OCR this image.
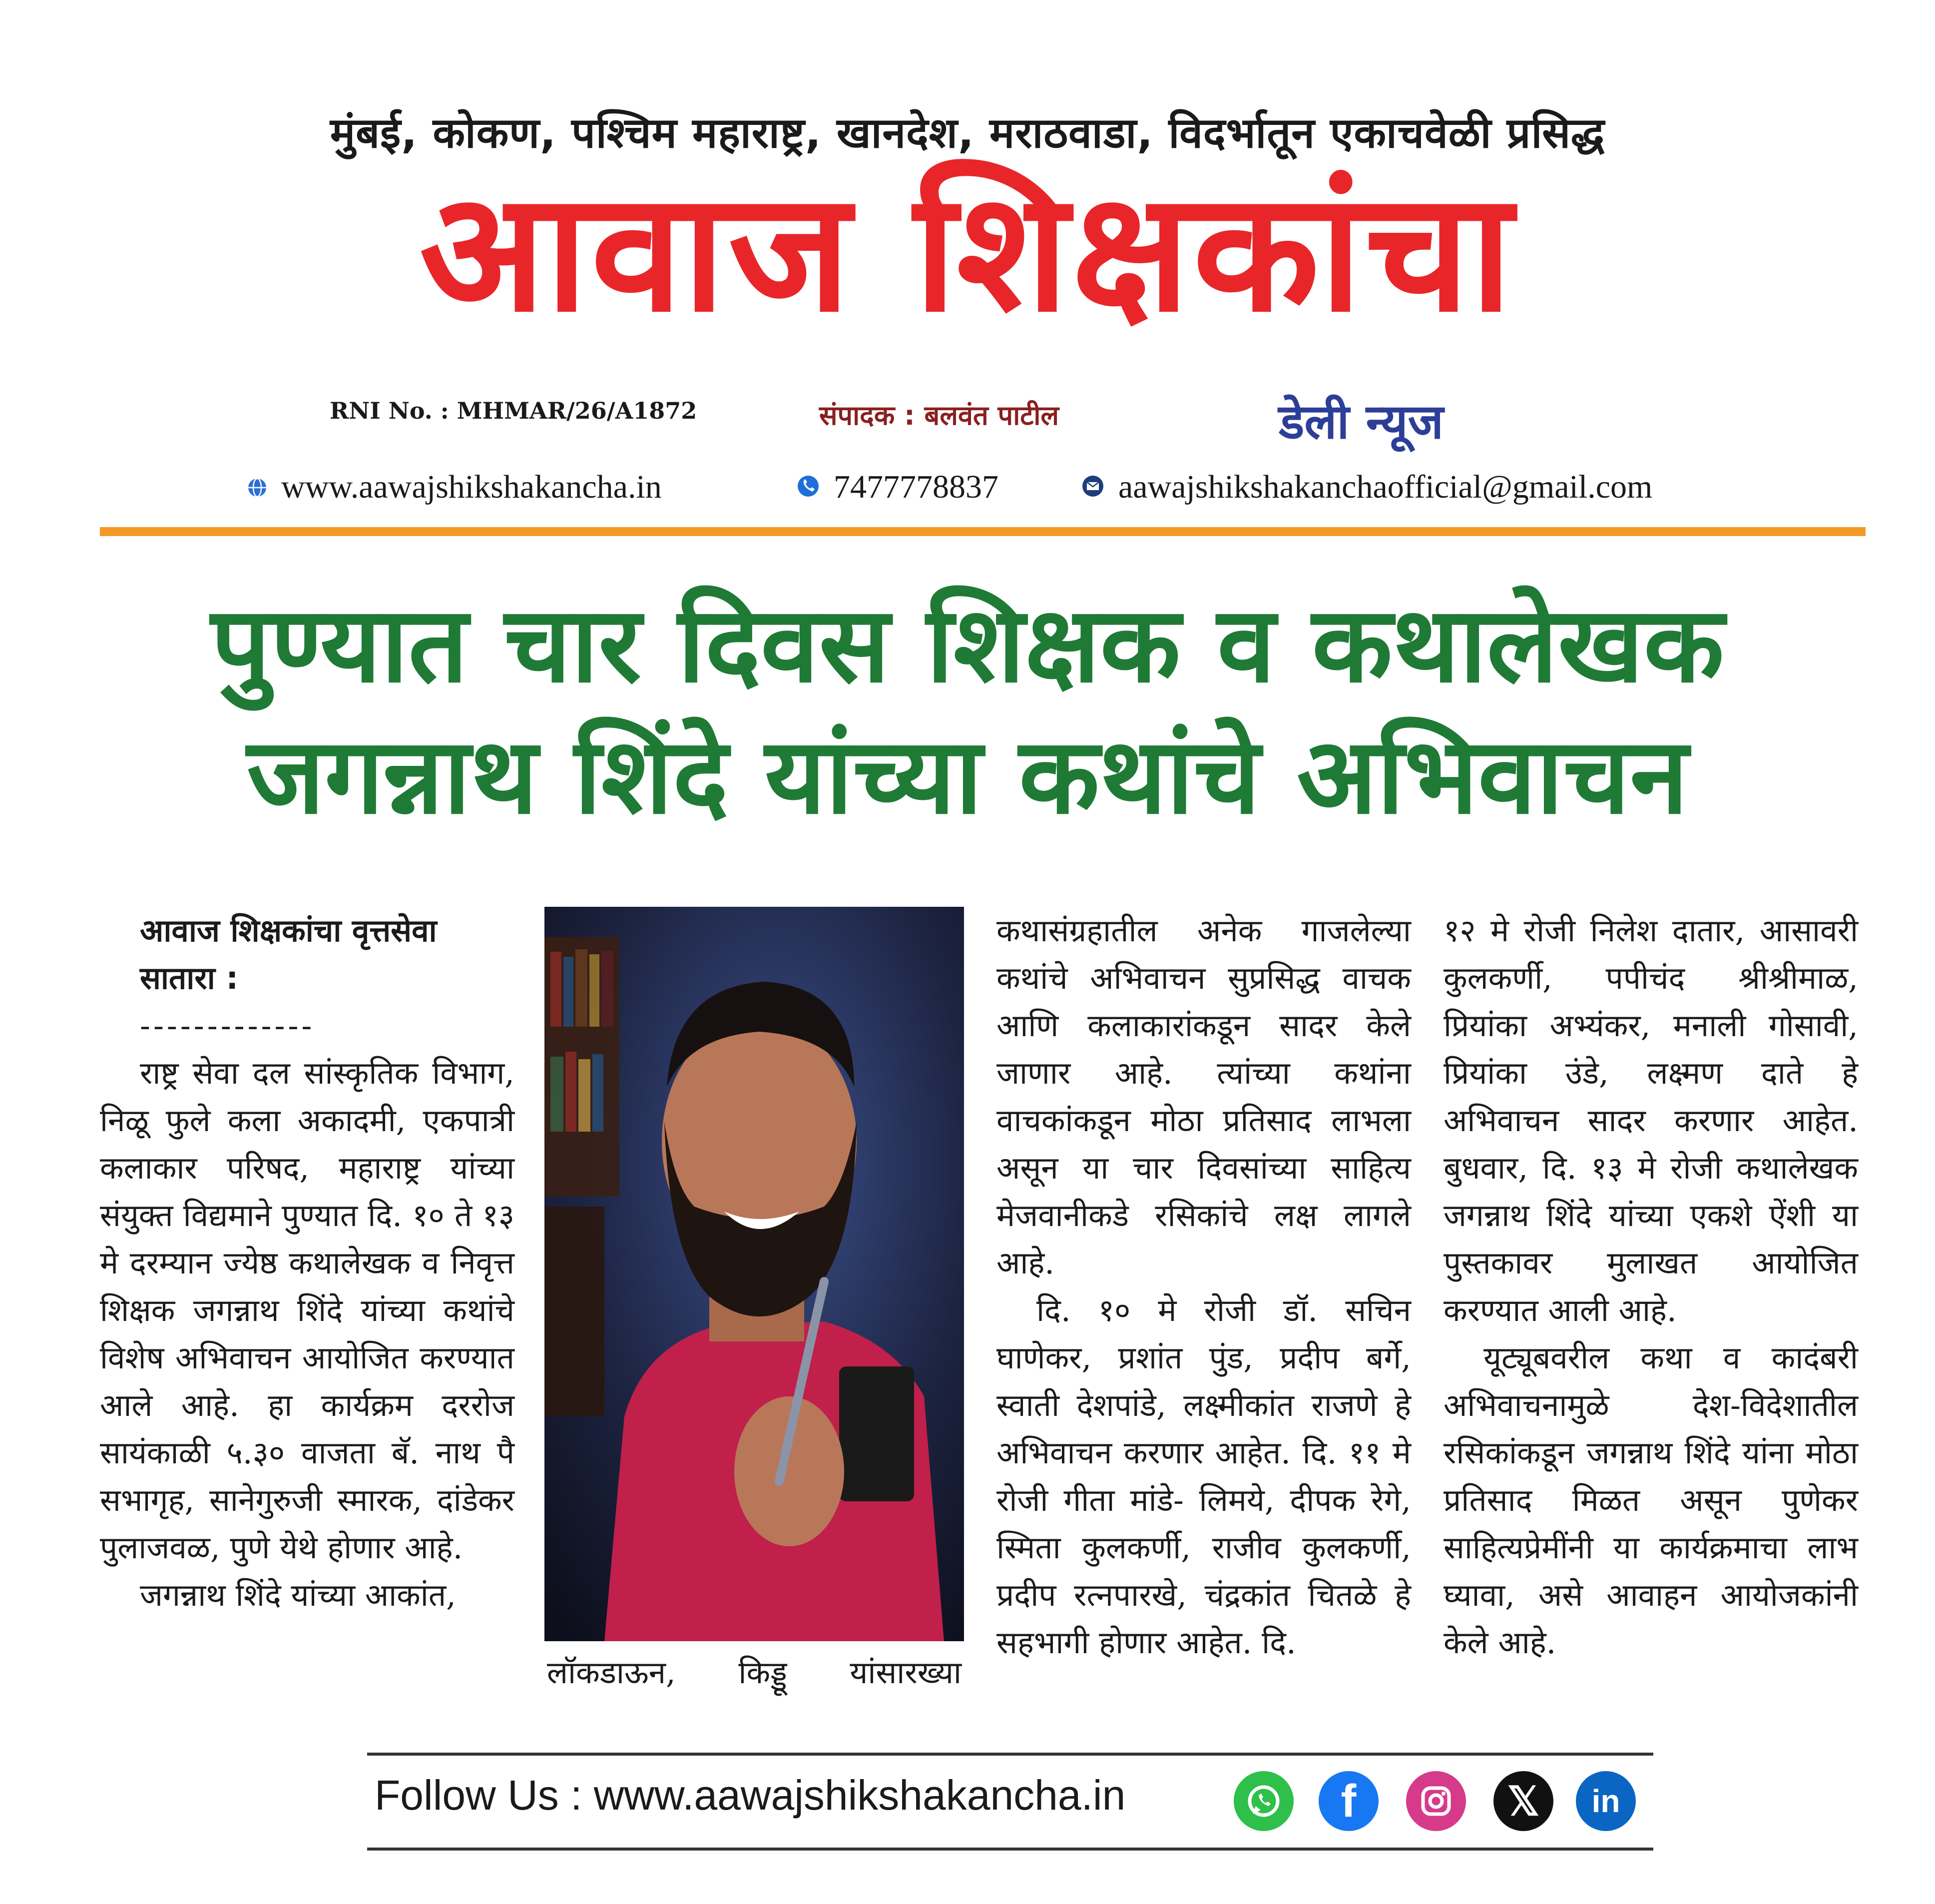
मुंबई, कोकण, पश्चिम महाराष्ट्र, खानदेश, मराठवाडा, विदर्भातून एकाचवेळी प्रसिद्ध
आवाज शिक्षकांचा
RNI No. : MHMAR/26/A1872	संपादक : बलवंत पाटील	डेली न्यूज
www.aawajshikshakancha.in	7477778837	aawajshikshakanchaofficial@gmail.com
पुण्यात चार दिवस शिक्षक व कथालेखक
जगन्नाथ शिंदे यांच्या कथांचे अभिवाचन
आवाज शिक्षकांचा वृत्तसेवा
सातारा :
-------------

राष्ट्र सेवा दल सांस्कृतिक विभाग, निळू फुले कला अकादमी, एकपात्री कलाकार परिषद, महाराष्ट्र यांच्या संयुक्त विद्यमाने पुण्यात दि. १० ते १३ मे दरम्यान ज्येष्ठ कथालेखक व निवृत्त शिक्षक जगन्नाथ शिंदे यांच्या कथांचे विशेष अभिवाचन आयोजित करण्यात आले आहे. हा कार्यक्रम दररोज सायंकाळी ५.३० वाजता बॅ. नाथ पै सभागृह, सानेगुरुजी स्मारक, दांडेकर पुलाजवळ, पुणे येथे होणार आहे.

जगन्नाथ शिंदे यांच्या आकांत,

लॉकडाऊन, किड्डू यांसारख्या

कथासंग्रहातील अनेक गाजलेल्या कथांचे अभिवाचन सुप्रसिद्ध वाचक आणि कलाकारांकडून सादर केले जाणार आहे. त्यांच्या कथांना वाचकांकडून मोठा प्रतिसाद लाभला असून या चार दिवसांच्या साहित्य मेजवानीकडे रसिकांचे लक्ष लागले आहे.

दि. १० मे रोजी डॉ. सचिन घाणेकर, प्रशांत पुंड, प्रदीप बर्गे, स्वाती देशपांडे, लक्ष्मीकांत राजणे हे अभिवाचन करणार आहेत. दि. ११ मे रोजी गीता मांडे- लिमये, दीपक रेगे, स्मिता कुलकर्णी, राजीव कुलकर्णी, प्रदीप रत्नपारखे, चंद्रकांत चितळे हे सहभागी होणार आहेत. दि.

१२ मे रोजी निलेश दातार, आसावरी कुलकर्णी, पपीचंद श्रीश्रीमाळ, प्रियांका अभ्यंकर, मनाली गोसावी, प्रियांका उंडे, लक्ष्मण दाते हे अभिवाचन सादर करणार आहेत. बुधवार, दि. १३ मे रोजी कथालेखक जगन्नाथ शिंदे यांच्या एकशे ऐंशी या पुस्तकावर मुलाखत आयोजित करण्यात आली आहे.

यूट्यूबवरील कथा व कादंबरी अभिवाचनामुळे देश-विदेशातील रसिकांकडून जगन्नाथ शिंदे यांना मोठा प्रतिसाद मिळत असून पुणेकर साहित्यप्रेमींनी या कार्यक्रमाचा लाभ घ्यावा, असे आवाहन आयोजकांनी केले आहे.

Follow Us : www.aawajshikshakancha.in	f	𝕏	in
